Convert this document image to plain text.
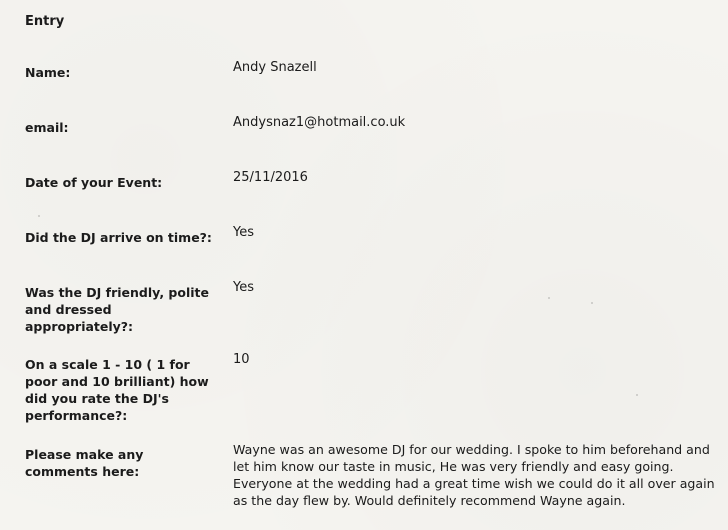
Entry
Name:	Andy Snazell
email:	Andysnaz1@hotmail.co.uk
Date of your Event:	25/11/2016
Did the DJ arrive on time?:	Yes
Was the DJ friendly, polite and dressed appropriately?:
Yes
On a scale 1 - 10 ( 1 for poor and 10 brilliant) how did you rate the DJ's performance?:
10
Please make any comments here:
Wayne was an awesome DJ for our wedding. I spoke to him beforehand and let him know our taste in music, He was very friendly and easy going. Everyone at the wedding had a great time wish we could do it all over again as the day flew by. Would definitely recommend Wayne again.
